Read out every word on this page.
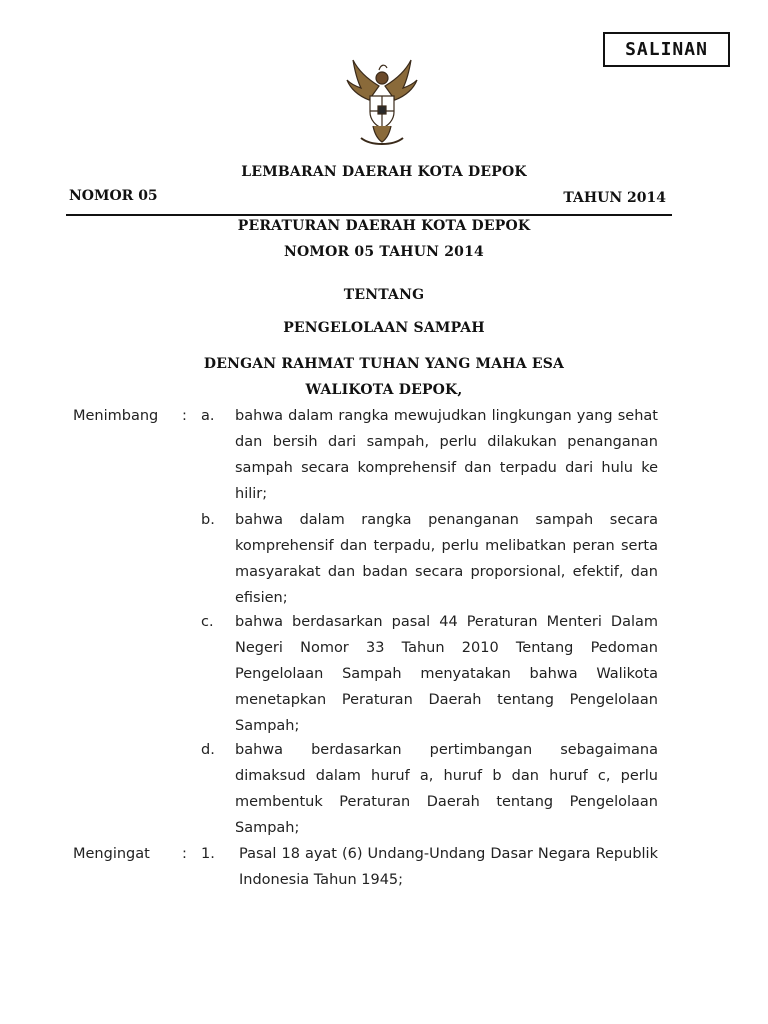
SALINAN
LEMBARAN DAERAH KOTA DEPOK
NOMOR 05	TAHUN 2014
PERATURAN DAERAH KOTA DEPOK
NOMOR 05 TAHUN 2014
TENTANG
PENGELOLAAN SAMPAH
DENGAN RAHMAT TUHAN YANG MAHA ESA
WALIKOTA DEPOK,
Menimbang : a. bahwa dalam rangka mewujudkan lingkungan yang sehat dan bersih dari sampah, perlu dilakukan penanganan sampah secara komprehensif dan terpadu dari hulu ke hilir;

b. bahwa dalam rangka penanganan sampah secara komprehensif dan terpadu, perlu melibatkan peran serta masyarakat dan badan secara proporsional, efektif, dan efisien;

c. bahwa berdasarkan pasal 44 Peraturan Menteri Dalam Negeri Nomor 33 Tahun 2010 Tentang Pedoman Pengelolaan Sampah menyatakan bahwa Walikota menetapkan Peraturan Daerah tentang Pengelolaan Sampah;

d. bahwa berdasarkan pertimbangan sebagaimana dimaksud dalam huruf a, huruf b dan huruf c, perlu membentuk Peraturan Daerah tentang Pengelolaan Sampah;

Mengingat : 1. Pasal 18 ayat (6) Undang-Undang Dasar Negara Republik Indonesia Tahun 1945;
